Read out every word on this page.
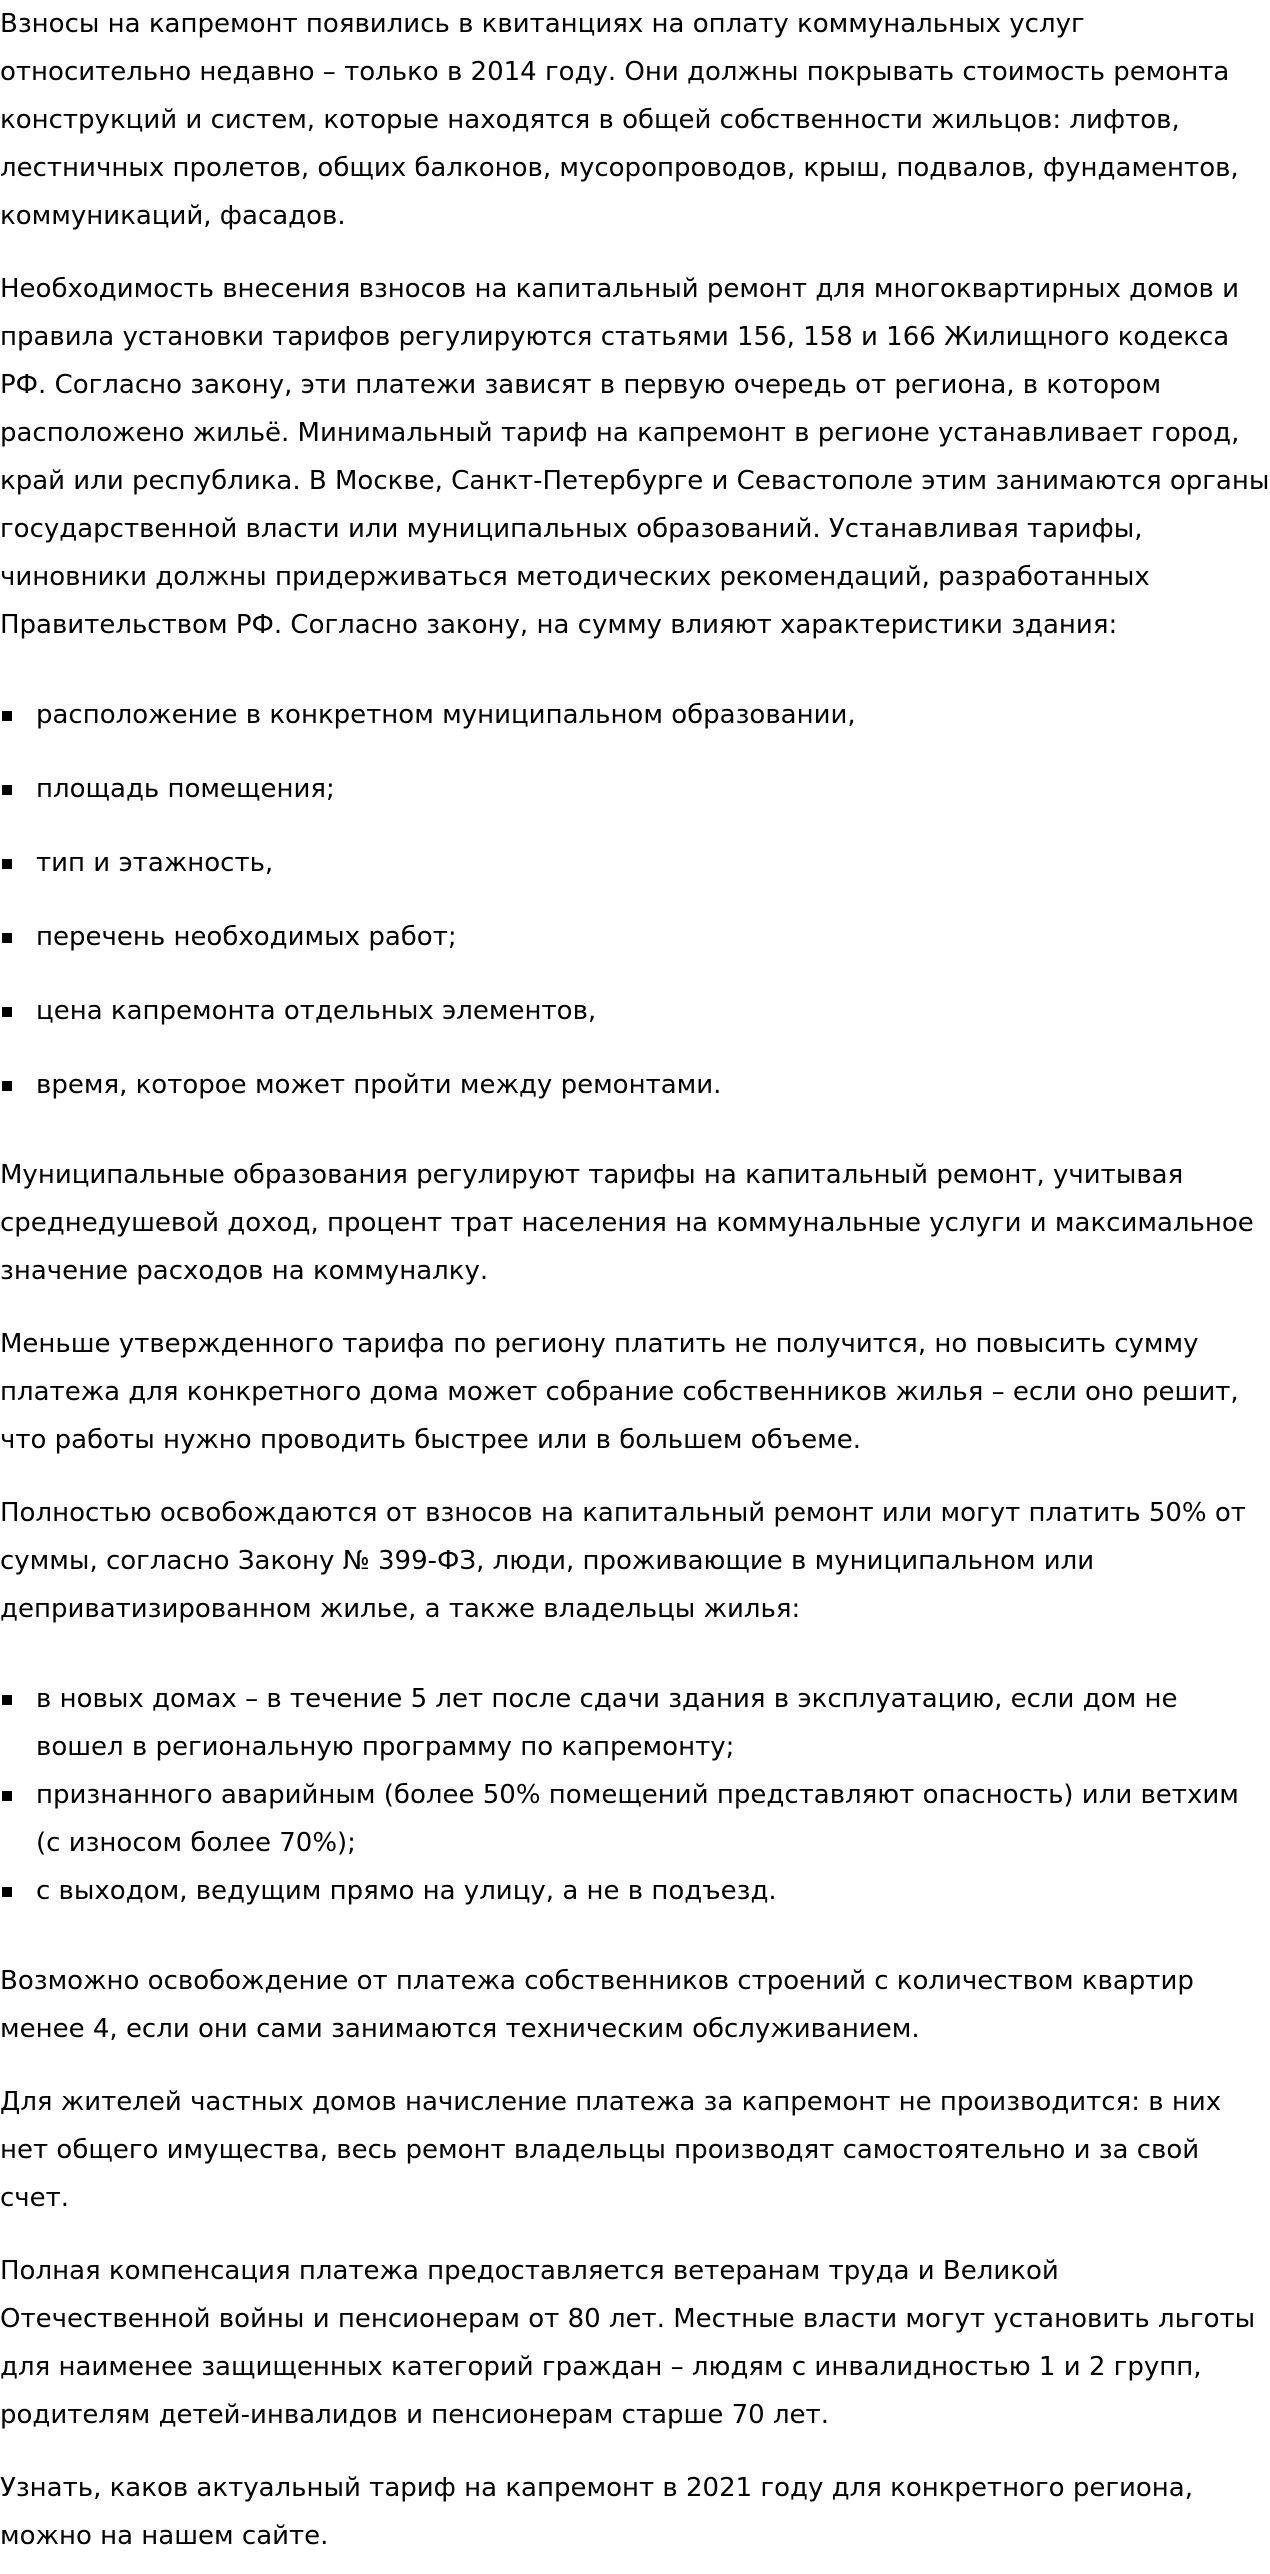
Взносы на капремонт появились в квитанциях на оплату коммунальных услуг относительно недавно – только в 2014 году. Они должны покрывать стоимость ремонта конструкций и систем, которые находятся в общей собственности жильцов: лифтов, лестничных пролетов, общих балконов, мусоропроводов, крыш, подвалов, фундаментов, коммуникаций, фасадов.

Необходимость внесения взносов на капитальный ремонт для многоквартирных домов и правила установки тарифов регулируются статьями 156, 158 и 166 Жилищного кодекса РФ. Согласно закону, эти платежи зависят в первую очередь от региона, в котором расположено жильё. Минимальный тариф на капремонт в регионе устанавливает город, край или республика. В Москве, Санкт-Петербурге и Севастополе этим занимаются органы государственной власти или муниципальных образований. Устанавливая тарифы, чиновники должны придерживаться методических рекомендаций, разработанных Правительством РФ. Согласно закону, на сумму влияют характеристики здания:

расположение в конкретном муниципальном образовании,
площадь помещения;
тип и этажность,
перечень необходимых работ;
цена капремонта отдельных элементов,
время, которое может пройти между ремонтами.

Муниципальные образования регулируют тарифы на капитальный ремонт, учитывая среднедушевой доход, процент трат населения на коммунальные услуги и максимальное значение расходов на коммуналку.

Меньше утвержденного тарифа по региону платить не получится, но повысить сумму платежа для конкретного дома может собрание собственников жилья – если оно решит, что работы нужно проводить быстрее или в большем объеме.

Полностью освобождаются от взносов на капитальный ремонт или могут платить 50% от суммы, согласно Закону № 399-ФЗ, люди, проживающие в муниципальном или деприватизированном жилье, а также владельцы жилья:

в новых домах – в течение 5 лет после сдачи здания в эксплуатацию, если дом не вошел в региональную программу по капремонту;
признанного аварийным (более 50% помещений представляют опасность) или ветхим (с износом более 70%);
с выходом, ведущим прямо на улицу, а не в подъезд.

Возможно освобождение от платежа собственников строений с количеством квартир менее 4, если они сами занимаются техническим обслуживанием.

Для жителей частных домов начисление платежа за капремонт не производится: в них нет общего имущества, весь ремонт владельцы производят самостоятельно и за свой счет.

Полная компенсация платежа предоставляется ветеранам труда и Великой Отечественной войны и пенсионерам от 80 лет. Местные власти могут установить льготы для наименее защищенных категорий граждан – людям с инвалидностью 1 и 2 групп, родителям детей-инвалидов и пенсионерам старше 70 лет.

Узнать, каков актуальный тариф на капремонт в 2021 году для конкретного региона, можно на нашем сайте.
